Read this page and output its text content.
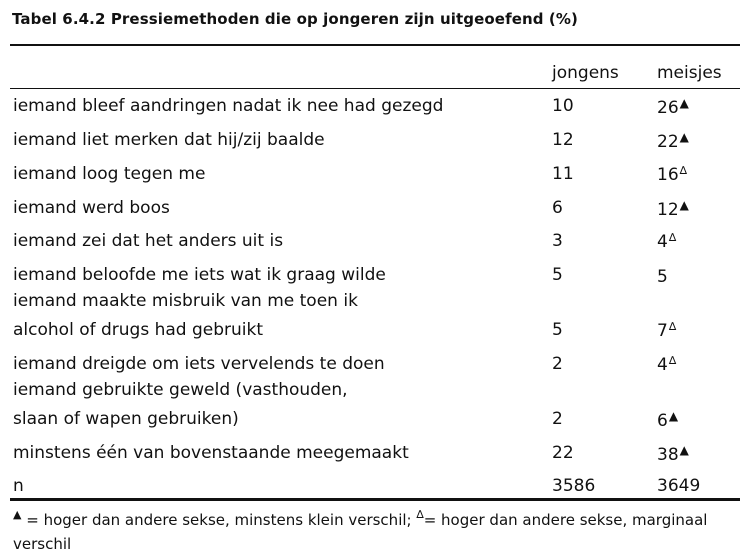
Tabel 6.4.2 Pressiemethoden die op jongeren zijn uitgeoefend (%)
jongens meisjes
iemand bleef aandringen nadat ik nee had gezegd	10	26▲
iemand liet merken dat hij/zij baalde	12	22▲
iemand loog tegen me	11	16∆
iemand werd boos	6	12▲
iemand zei dat het anders uit is	3	4∆
iemand beloofde me iets wat ik graag wilde	5	5
iemand maakte misbruik van me toen ik
alcohol of drugs had gebruikt	5	7∆
iemand dreigde om iets vervelends te doen	2	4∆
iemand gebruikte geweld (vasthouden,
slaan of wapen gebruiken)	2	6▲
minstens één van bovenstaande meegemaakt	22	38▲
n	3586	3649
▲ = hoger dan andere sekse, minstens klein verschil; ∆= hoger dan andere sekse, marginaal verschil
